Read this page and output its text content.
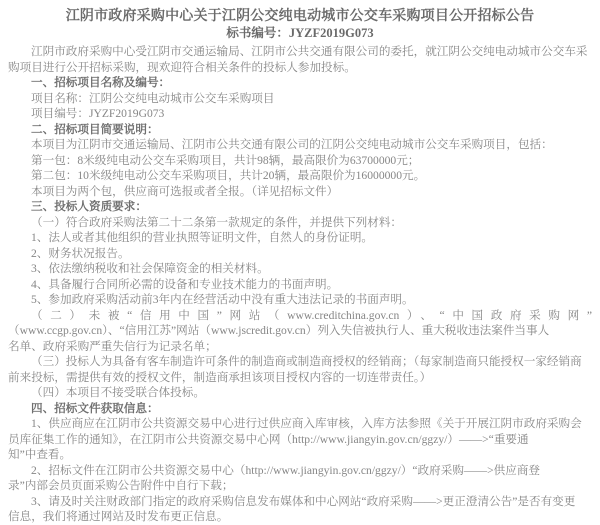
江阴市政府采购中心关于江阴公交纯电动城市公交车采购项目公开招标公告
标书编号：JYZF2019G073
江阴市政府采购中心受江阴市交通运输局、江阴市公共交通有限公司的委托，就江阴公交纯电动城市公交车采
购项目进行公开招标采购，现欢迎符合相关条件的投标人参加投标。
一、招标项目名称及编号：
项目名称：江阴公交纯电动城市公交车采购项目
项目编号：JYZF2019G073
二、招标项目简要说明：
本项目为江阴市交通运输局、江阴市公共交通有限公司的江阴公交纯电动城市公交车采购项目，包括：
第一包：8米级纯电动公交车采购项目，共计98辆，最高限价为63700000元；
第二包：10米级纯电动公交车采购项目，共计20辆，最高限价为16000000元。
本项目为两个包，供应商可选报或者全报。（详见招标文件）
三、投标人资质要求：
（一）符合政府采购法第二十二条第一款规定的条件，并提供下列材料：
1、法人或者其他组织的营业执照等证明文件，自然人的身份证明。
2、财务状况报告。
3、依法缴纳税收和社会保障资金的相关材料。
4、具备履行合同所必需的设备和专业技术能力的书面声明。
5、参加政府采购活动前3年内在经营活动中没有重大违法记录的书面声明。
（二）未被“信用中国”网站（www.creditchina.gov.cn）、“中国政府采购网”
（www.ccgp.gov.cn）、“信用江苏”网站（www.jscredit.gov.cn）列入失信被执行人、重大税收违法案件当事人
名单、政府采购严重失信行为记录名单；
（三）投标人为具备有客车制造许可条件的制造商或制造商授权的经销商；（每家制造商只能授权一家经销商
前来投标，需提供有效的授权文件，制造商承担该项目授权内容的一切连带责任。）
（四）本项目不接受联合体投标。
四、招标文件获取信息：
1、供应商应在江阴市公共资源交易中心进行过供应商入库审核，入库方法参照《关于开展江阴市政府采购会
员库征集工作的通知》，在江阴市公共资源交易中心网（http://www.jiangyin.gov.cn/ggzy/）——>“重要通
知”中查看。
2、招标文件在江阴市公共资源交易中心（http://www.jiangyin.gov.cn/ggzy/）“政府采购——>供应商登
录”内部会员页面采购公告附件中自行下载；
3、请及时关注财政部门指定的政府采购信息发布媒体和中心网站“政府采购——>更正澄清公告”是否有变更
信息，我们将通过网站及时发布更正信息。
